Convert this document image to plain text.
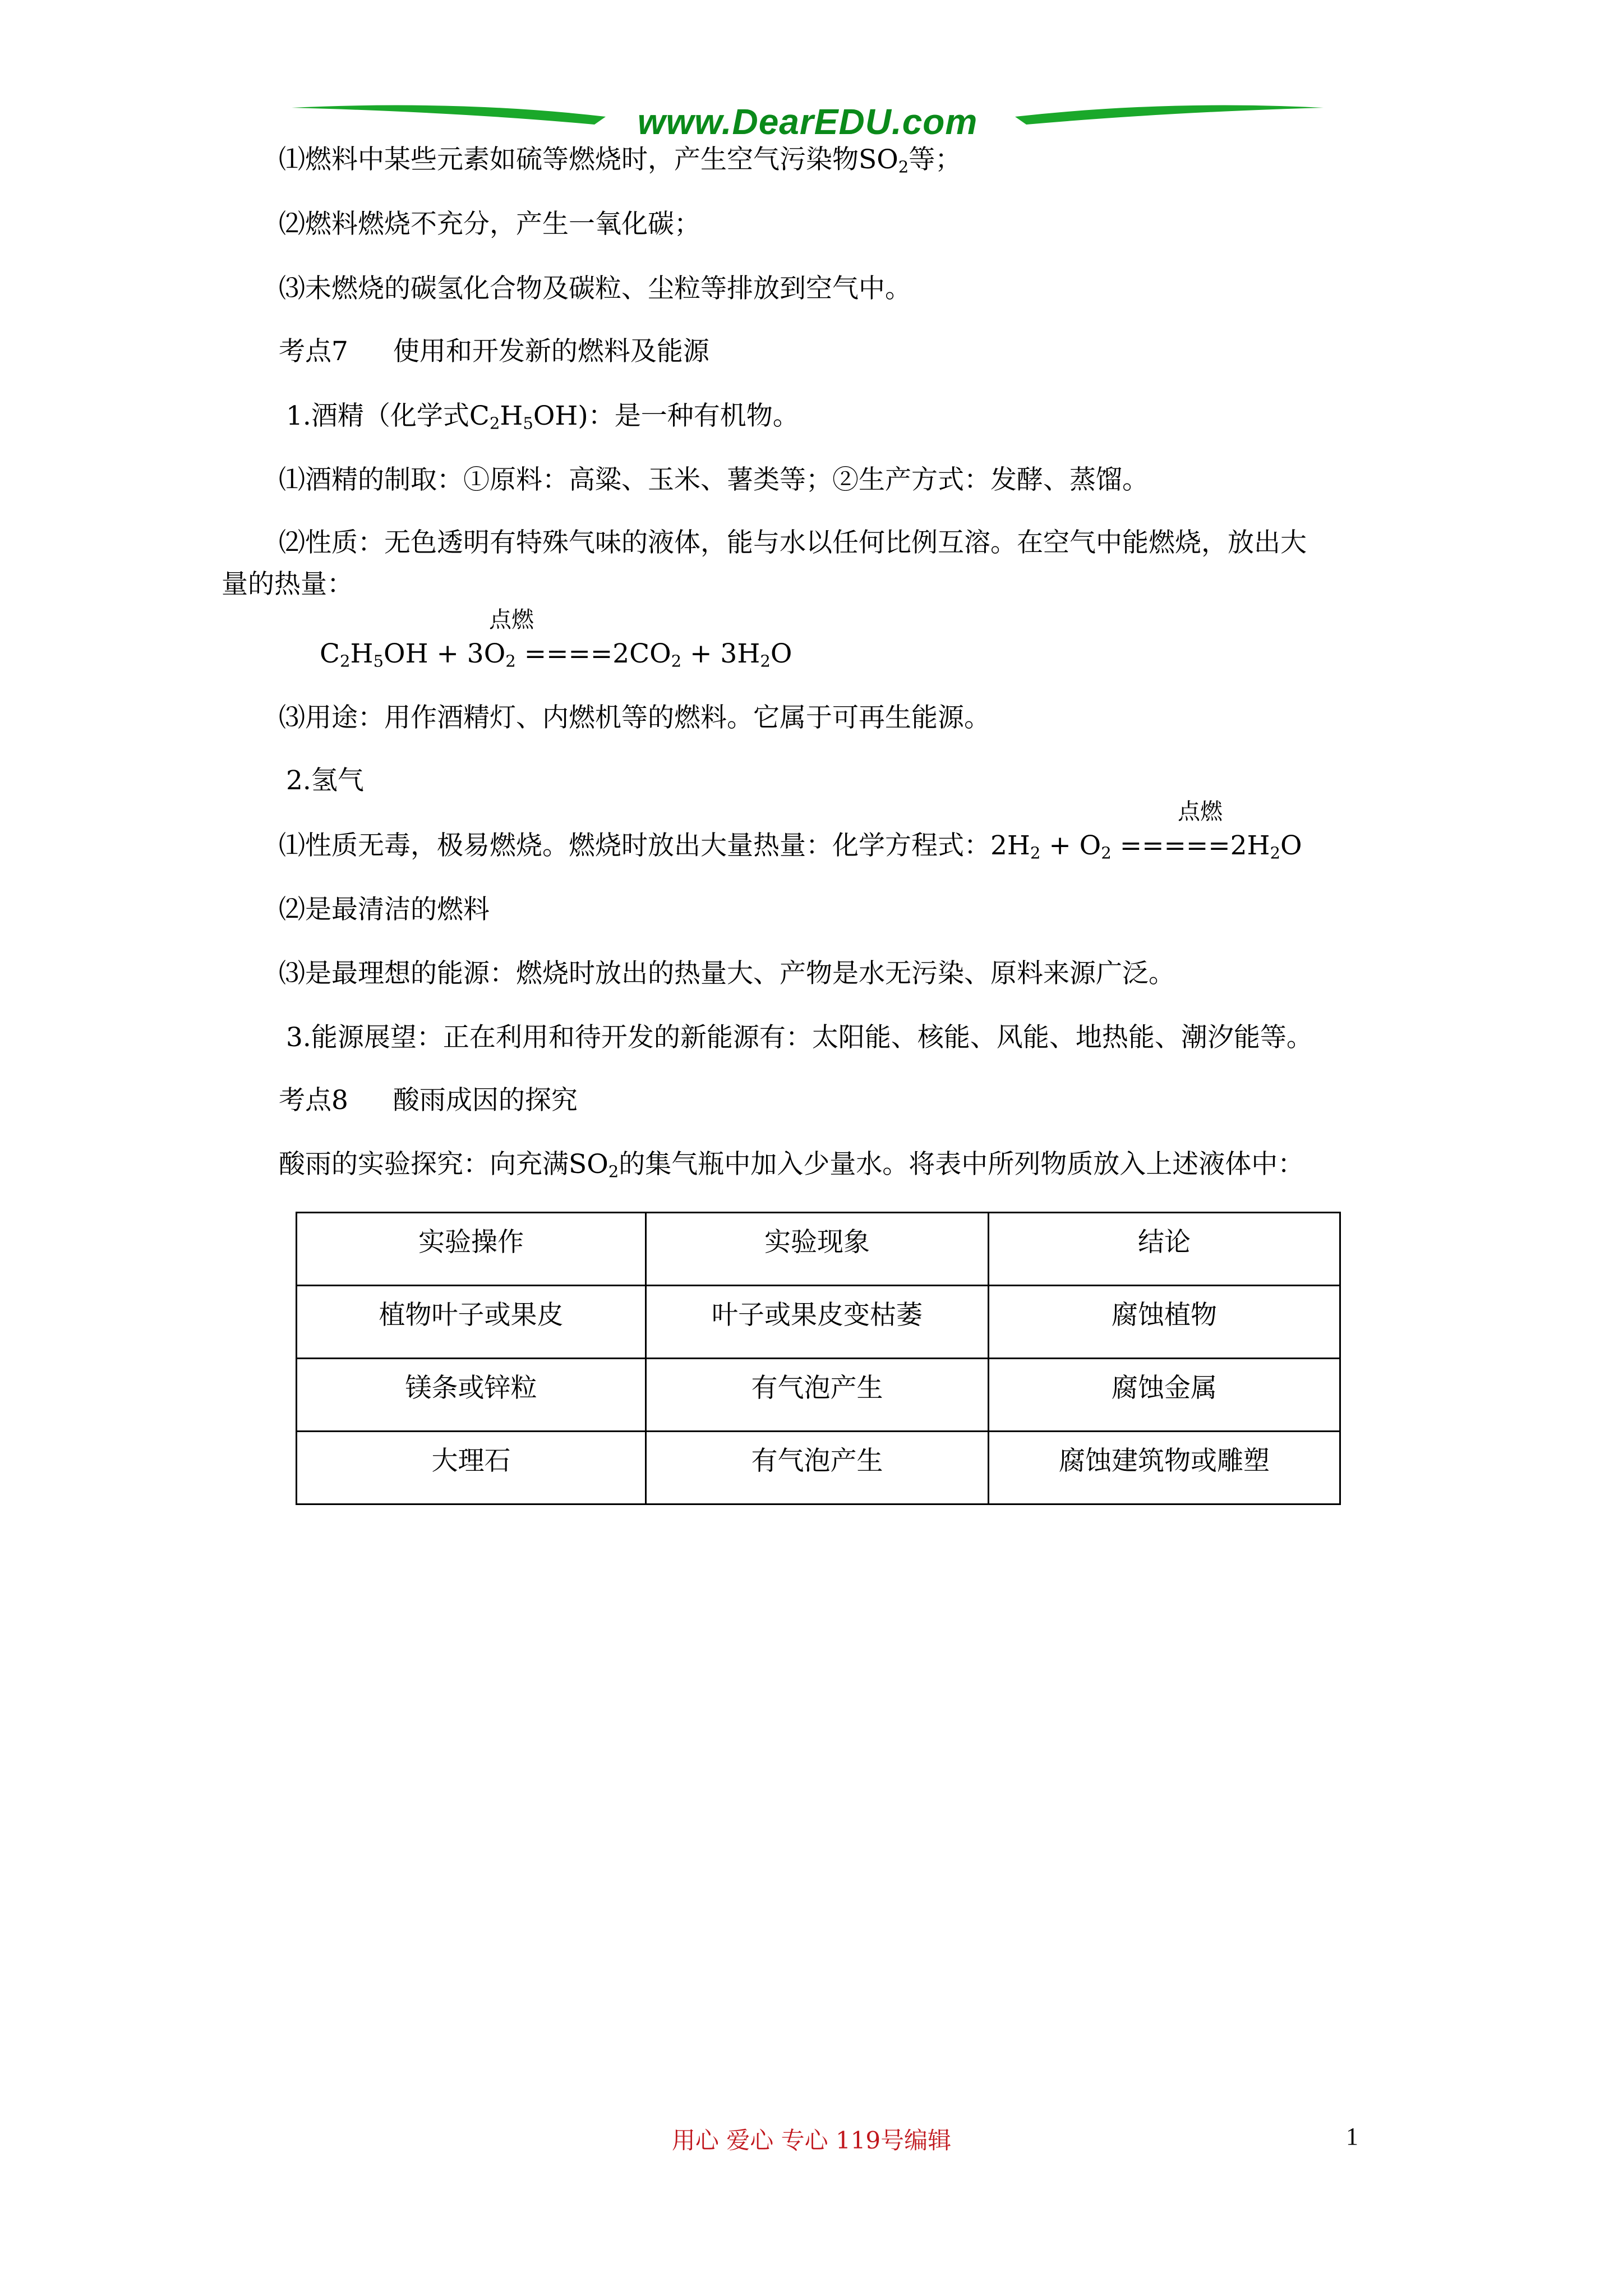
www.DearEDU.com
⑴燃料中某些元素如硫等燃烧时，产生空气污染物$SO_2$等；
⑵燃料燃烧不充分，产生一氧化碳；
⑶未燃烧的碳氢化合物及碳粒、尘粒等排放到空气中。
考点7 使用和开发新的燃料及能源
1.酒精（化学式$C_2H_5OH$)：是一种有机物。
⑴酒精的制取：①原料：高粱、玉米、薯类等；②生产方式：发酵、蒸馏。
⑵性质：无色透明有特殊气味的液体，能与水以任何比例互溶。在空气中能燃烧，放出大
量的热量：
点燃
$C_2H_5OH + 3O_2 ====2CO_2 + 3H_2O$
⑶用途：用作酒精灯、内燃机等的燃料。它属于可再生能源。
2.氢气
点燃
⑴性质无毒，极易燃烧。燃烧时放出大量热量：化学方程式：$2H_2 + O_2 =====2H_2O$
⑵是最清洁的燃料
⑶是最理想的能源：燃烧时放出的热量大、产物是水无污染、原料来源广泛。
3.能源展望：正在利用和待开发的新能源有：太阳能、核能、风能、地热能、潮汐能等。
考点8 酸雨成因的探究
酸雨的实验探究：向充满$SO_2$的集气瓶中加入少量水。将表中所列物质放入上述液体中：
实验操作	实验现象	结论
植物叶子或果皮	叶子或果皮变枯萎	腐蚀植物
镁条或锌粒	有气泡产生	腐蚀金属
大理石	有气泡产生	腐蚀建筑物或雕塑
用心 爱心 专心 119号编辑	1
